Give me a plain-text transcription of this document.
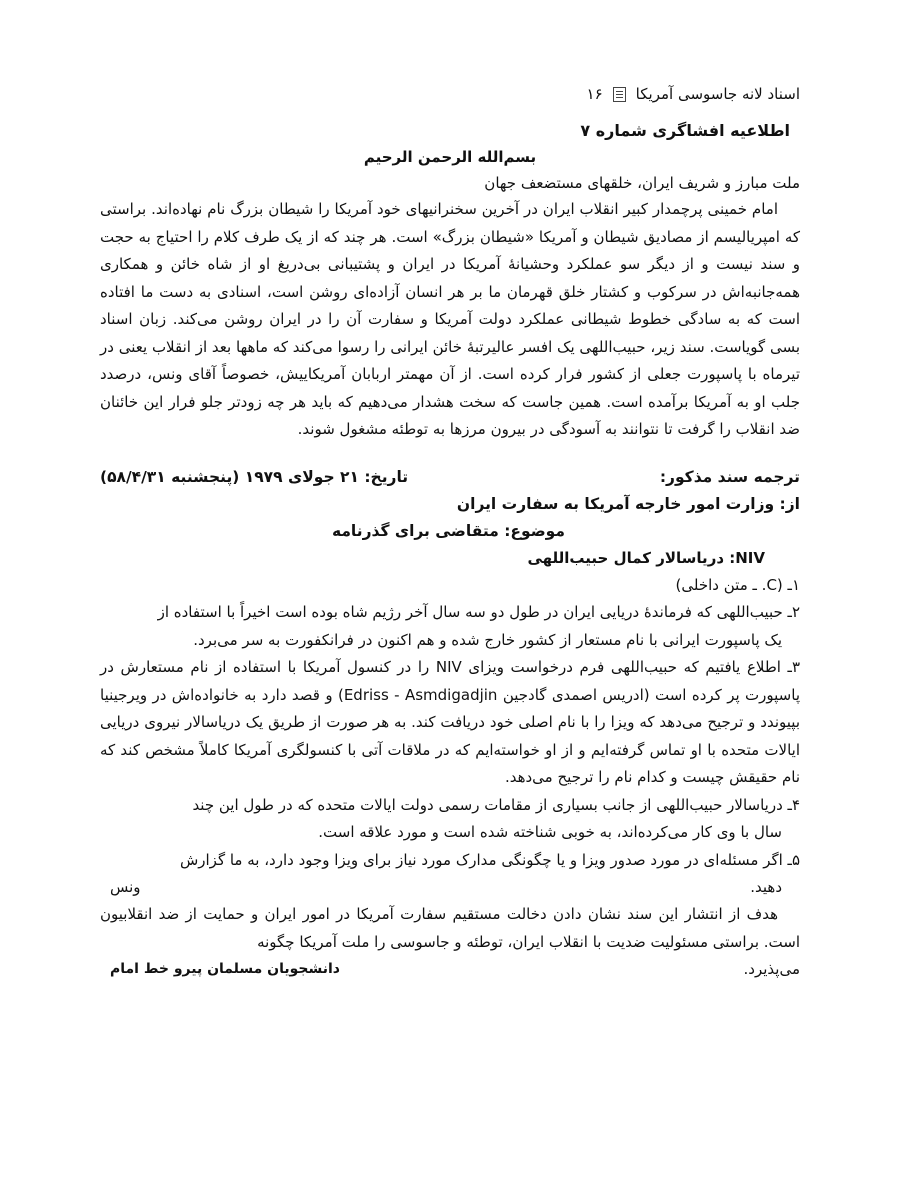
اسناد لانه جاسوسی آمریکا
۱۶
اطلاعیه افشاگری شماره ۷
بسم‌الله الرحمن الرحیم
ملت مبارز و شریف ایران، خلقهای مستضعف جهان
امام خمینی پرچمدار کبیر انقلاب ایران در آخرین سخنرانیهای خود آمریکا را شیطان بزرگ نام نهاده‌اند. براستی که امپریالیسم از مصادیق شیطان و آمریکا «شیطان بزرگ» است. هر چند که از یک طرف کلام را احتیاج به حجت و سند نیست و از دیگر سو عملکرد وحشیانهٔ آمریکا در ایران و پشتیبانی بی‌دریغ او از شاه خائن و همکاری همه‌جانبه‌اش در سرکوب و کشتار خلق قهرمان ما بر هر انسان آزاده‌ای روشن است، اسنادی به دست ما افتاده است که به سادگی خطوط شیطانی عملکرد دولت آمریکا و سفارت آن را در ایران روشن می‌کند. زبان اسناد بسی گویاست. سند زیر، حبیب‌اللهی یک افسر عالیرتبهٔ خائن ایرانی را رسوا می‌کند که ماهها بعد از انقلاب یعنی در تیرماه با پاسپورت جعلی از کشور فرار کرده است. از آن مهمتر اربابان آمریکاییش، خصوصاً آقای ونس، درصدد جلب او به آمریکا برآمده است. همین جاست که سخت هشدار می‌دهیم که باید هر چه زودتر جلو فرار این خائنان ضد انقلاب را گرفت تا نتوانند به آسودگی در بیرون مرزها به توطئه مشغول شوند.
ترجمه سند مذکور:
تاریخ: ۲۱ جولای ۱۹۷۹ (پنجشنبه ۵۸/۴/۳۱)
از: وزارت امور خارجه آمریکا به سفارت ایران
موضوع: متقاضی برای گذرنامه
NIV: دریاسالار کمال حبیب‌اللهی
۱ـ (C. ـ متن داخلی)
۲ـ حبیب‌اللهی که فرماندهٔ دریایی ایران در طول دو سه سال آخر رژیم شاه بوده است اخیراً با استفاده از
یک پاسپورت ایرانی با نام مستعار از کشور خارج شده و هم اکنون در فرانکفورت به سر می‌برد.
۳ـ اطلاع یافتیم که حبیب‌اللهی فرم درخواست ویزای NIV را در کنسول آمریکا با استفاده از نام مستعارش در پاسپورت پر کرده است (ادریس اصمدی گادجین Edriss - Asmdigadjin) و قصد دارد به خانواده‌اش در ویرجینیا بپیوندد و ترجیح می‌دهد که ویزا را با نام اصلی خود دریافت کند. به هر صورت از طریق یک دریاسالار نیروی دریایی ایالات متحده با او تماس گرفته‌ایم و از او خواسته‌ایم که در ملاقات آتی با کنسولگری آمریکا کاملاً مشخص کند که نام حقیقش چیست و کدام نام را ترجیح می‌دهد.
۴ـ دریاسالار حبیب‌اللهی از جانب بسیاری از مقامات رسمی دولت ایالات متحده که در طول این چند
سال با وی کار می‌کرده‌اند، به خوبی شناخته شده است و مورد علاقه است.
۵ـ اگر مسئله‌ای در مورد صدور ویزا و یا چگونگی مدارک مورد نیاز برای ویزا وجود دارد، به ما گزارش
دهید.
ونس
هدف از انتشار این سند نشان دادن دخالت مستقیم سفارت آمریکا در امور ایران و حمایت از ضد انقلابیون است. براستی مسئولیت ضدیت با انقلاب ایران، توطئه و جاسوسی را ملت آمریکا چگونه
می‌پذیرد.
دانشجویان مسلمان پیرو خط امام
